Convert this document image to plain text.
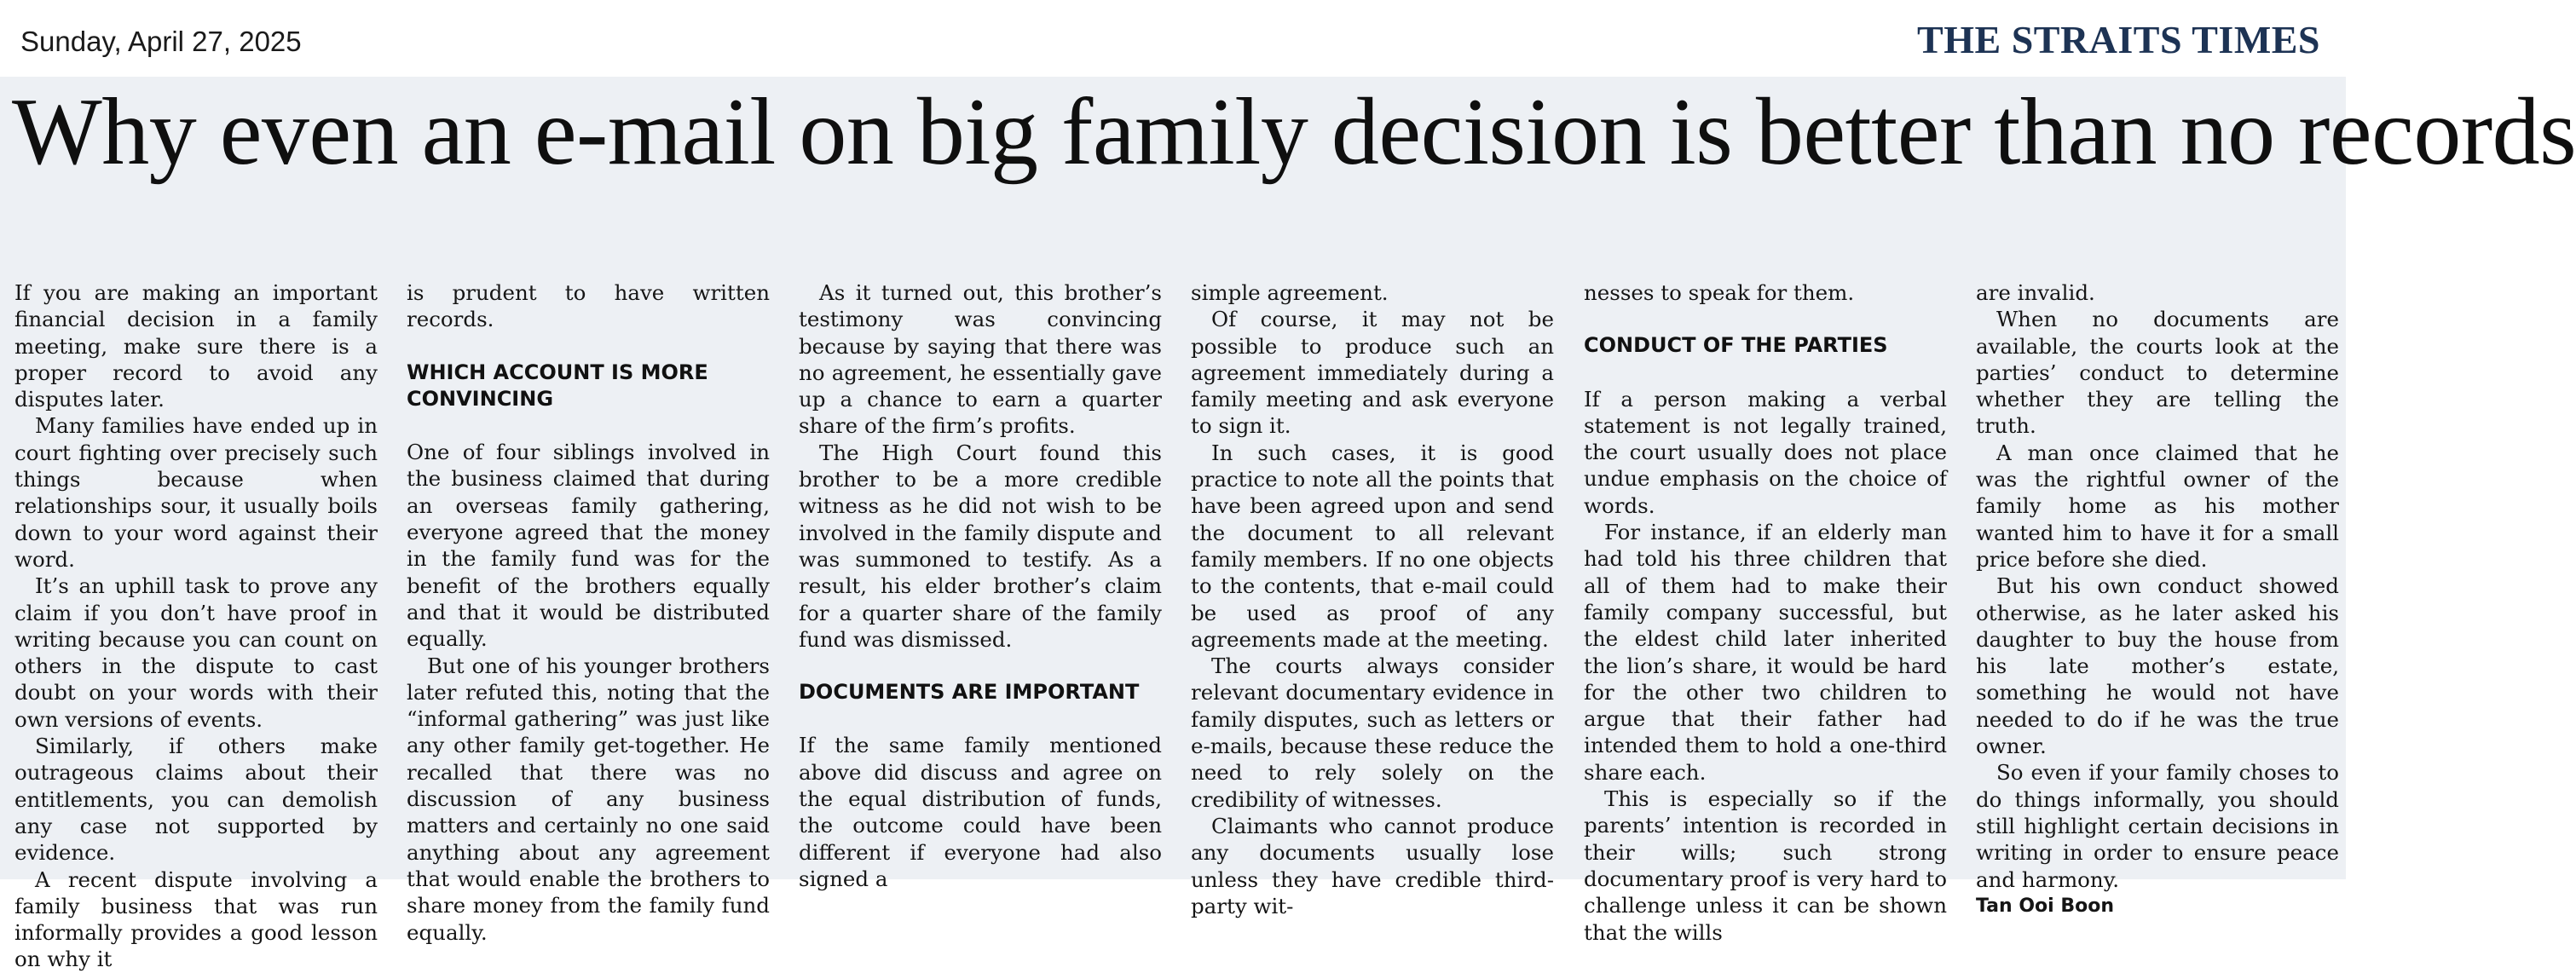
Sunday, April 27, 2025	THE STRAITS TIMES
Why even an e-mail on big family decision is better than no records

If you are making an important financial decision in a family meeting, make sure there is a proper record to avoid any disputes later.

Many families have ended up in court fighting over precisely such things because when relationships sour, it usually boils down to your word against their word.

It’s an uphill task to prove any claim if you don’t have proof in writing because you can count on others in the dispute to cast doubt on your words with their own versions of events.

Similarly, if others make outrageous claims about their entitlements, you can demolish any case not supported by evidence.

A recent dispute involving a family business that was run informally provides a good lesson on why it

is prudent to have written records.

WHICH ACCOUNT IS MORE CONVINCING

One of four siblings involved in the business claimed that during an overseas family gathering, everyone agreed that the money in the family fund was for the benefit of the brothers equally and that it would be distributed equally.

But one of his younger brothers later refuted this, noting that the “informal gathering” was just like any other family get-together. He recalled that there was no discussion of any business matters and certainly no one said anything about any agreement that would enable the brothers to share money from the family fund equally.

As it turned out, this brother’s testimony was convincing because by saying that there was no agreement, he essentially gave up a chance to earn a quarter share of the firm’s profits.

The High Court found this brother to be a more credible witness as he did not wish to be involved in the family dispute and was summoned to testify. As a result, his elder brother’s claim for a quarter share of the family fund was dismissed.

DOCUMENTS ARE IMPORTANT

If the same family mentioned above did discuss and agree on the equal distribution of funds, the outcome could have been different if everyone had also signed a

simple agreement.

Of course, it may not be possible to produce such an agreement immediately during a family meeting and ask everyone to sign it.

In such cases, it is good practice to note all the points that have been agreed upon and send the document to all relevant family members. If no one objects to the contents, that e-mail could be used as proof of any agreements made at the meeting.

The courts always consider relevant documentary evidence in family disputes, such as letters or e-mails, because these reduce the need to rely solely on the credibility of witnesses.

Claimants who cannot produce any documents usually lose unless they have credible third-party wit-

nesses to speak for them.

CONDUCT OF THE PARTIES

If a person making a verbal statement is not legally trained, the court usually does not place undue emphasis on the choice of words.

For instance, if an elderly man had told his three children that all of them had to make their family company successful, but the eldest child later inherited the lion’s share, it would be hard for the other two children to argue that their father had intended them to hold a one-third share each.

This is especially so if the parents’ intention is recorded in their wills; such strong documentary proof is very hard to challenge unless it can be shown that the wills

are invalid.

When no documents are available, the courts look at the parties’ conduct to determine whether they are telling the truth.

A man once claimed that he was the rightful owner of the family home as his mother wanted him to have it for a small price before she died.

But his own conduct showed otherwise, as he later asked his daughter to buy the house from his late mother’s estate, something he would not have needed to do if he was the true owner.

So even if your family choses to do things informally, you should still highlight certain decisions in writing in order to ensure peace and harmony.

Tan Ooi Boon
